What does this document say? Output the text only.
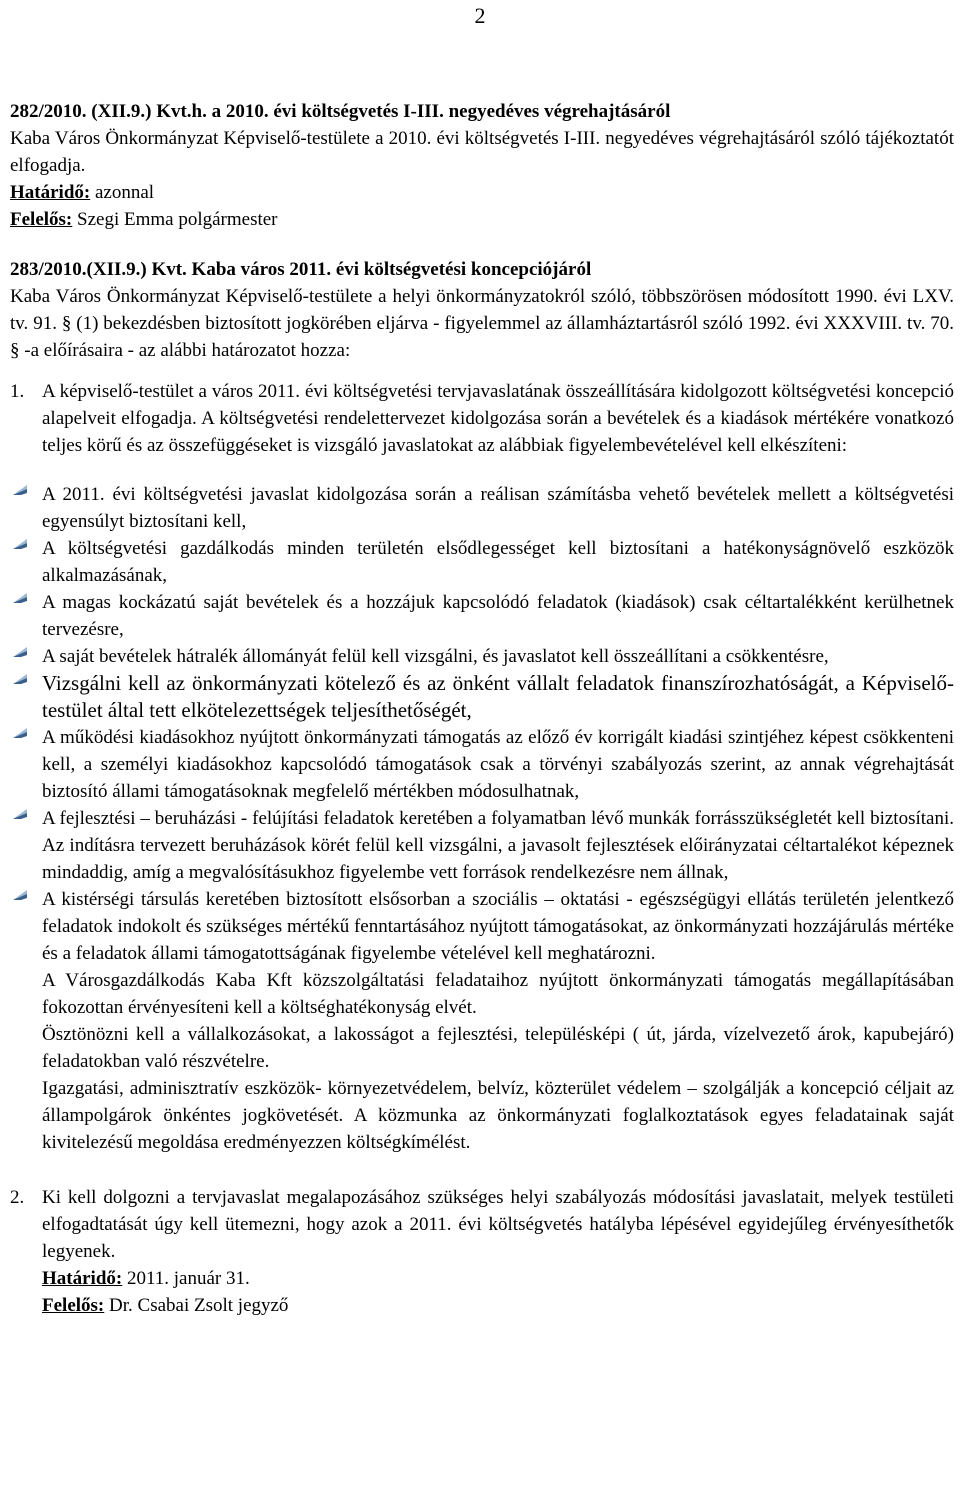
2

282/2010. (XII.9.) Kvt.h. a 2010. évi költségvetés I-III. negyedéves végrehajtásáról

Kaba Város Önkormányzat Képviselő-testülete a 2010. évi költségvetés I-III. negyedéves végrehajtásáról szóló tájékoztatót elfogadja.

Határidő: azonnal

Felelős: Szegi Emma polgármester

283/2010.(XII.9.) Kvt. Kaba város 2011. évi költségvetési koncepciójáról

Kaba Város Önkormányzat Képviselő-testülete a helyi önkormányzatokról szóló, többszörösen módosított 1990. évi LXV. tv. 91. § (1) bekezdésben biztosított jogkörében eljárva - figyelemmel az államháztartásról szóló 1992. évi XXXVIII. tv. 70. § -a előírásaira - az alábbi határozatot hozza:

1. A képviselő-testület a város 2011. évi költségvetési tervjavaslatának összeállítására kidolgozott költségvetési koncepció alapelveit elfogadja. A költségvetési rendelettervezet kidolgozása során a bevételek és a kiadások mértékére vonatkozó teljes körű és az összefüggéseket is vizsgáló javaslatokat az alábbiak figyelembevételével kell elkészíteni:
A 2011. évi költségvetési javaslat kidolgozása során a reálisan számításba vehető bevételek mellett a költségvetési egyensúlyt biztosítani kell,
A költségvetési gazdálkodás minden területén elsődlegességet kell biztosítani a hatékonyságnövelő eszközök alkalmazásának,
A magas kockázatú saját bevételek és a hozzájuk kapcsolódó feladatok (kiadások) csak céltartalékként kerülhetnek tervezésre,
A saját bevételek hátralék állományát felül kell vizsgálni, és javaslatot kell összeállítani a csökkentésre,
Vizsgálni kell az önkormányzati kötelező és az önként vállalt feladatok finanszírozhatóságát, a Képviselő-testület által tett elkötelezettségek teljesíthetőségét,
A működési kiadásokhoz nyújtott önkormányzati támogatás az előző év korrigált kiadási szintjéhez képest csökkenteni kell, a személyi kiadásokhoz kapcsolódó támogatások csak a törvényi szabályozás szerint, az annak végrehajtását biztosító állami támogatásoknak megfelelő mértékben módosulhatnak,
A fejlesztési – beruházási - felújítási feladatok keretében a folyamatban lévő munkák forrásszükségletét kell biztosítani. Az indításra tervezett beruházások körét felül kell vizsgálni, a javasolt fejlesztések előirányzatai céltartalékot képeznek mindaddig, amíg a megvalósításukhoz figyelembe vett források rendelkezésre nem állnak,
A kistérségi társulás keretében biztosított elsősorban a szociális – oktatási - egészségügyi ellátás területén jelentkező feladatok indokolt és szükséges mértékű fenntartásához nyújtott támogatásokat, az önkormányzati hozzájárulás mértéke és a feladatok állami támogatottságának figyelembe vételével kell meghatározni.
A Városgazdálkodás Kaba Kft közszolgáltatási feladataihoz nyújtott önkormányzati támogatás megállapításában fokozottan érvényesíteni kell a költséghatékonyság elvét.
Ösztönözni kell a vállalkozásokat, a lakosságot a fejlesztési, településképi ( út, járda, vízelvezető árok, kapubejáró) feladatokban való részvételre.

Igazgatási, adminisztratív eszközök- környezetvédelem, belvíz, közterület védelem – szolgálják a koncepció céljait az állampolgárok önkéntes jogkövetését. A közmunka az önkormányzati foglalkoztatások egyes feladatainak saját kivitelezésű megoldása eredményezzen költségkímélést.

2. Ki kell dolgozni a tervjavaslat megalapozásához szükséges helyi szabályozás módosítási javaslatait, melyek testületi elfogadtatását úgy kell ütemezni, hogy azok a 2011. évi költségvetés hatályba lépésével egyidejűleg érvényesíthetők legyenek.

Határidő: 2011. január 31.

Felelős: Dr. Csabai Zsolt jegyző
